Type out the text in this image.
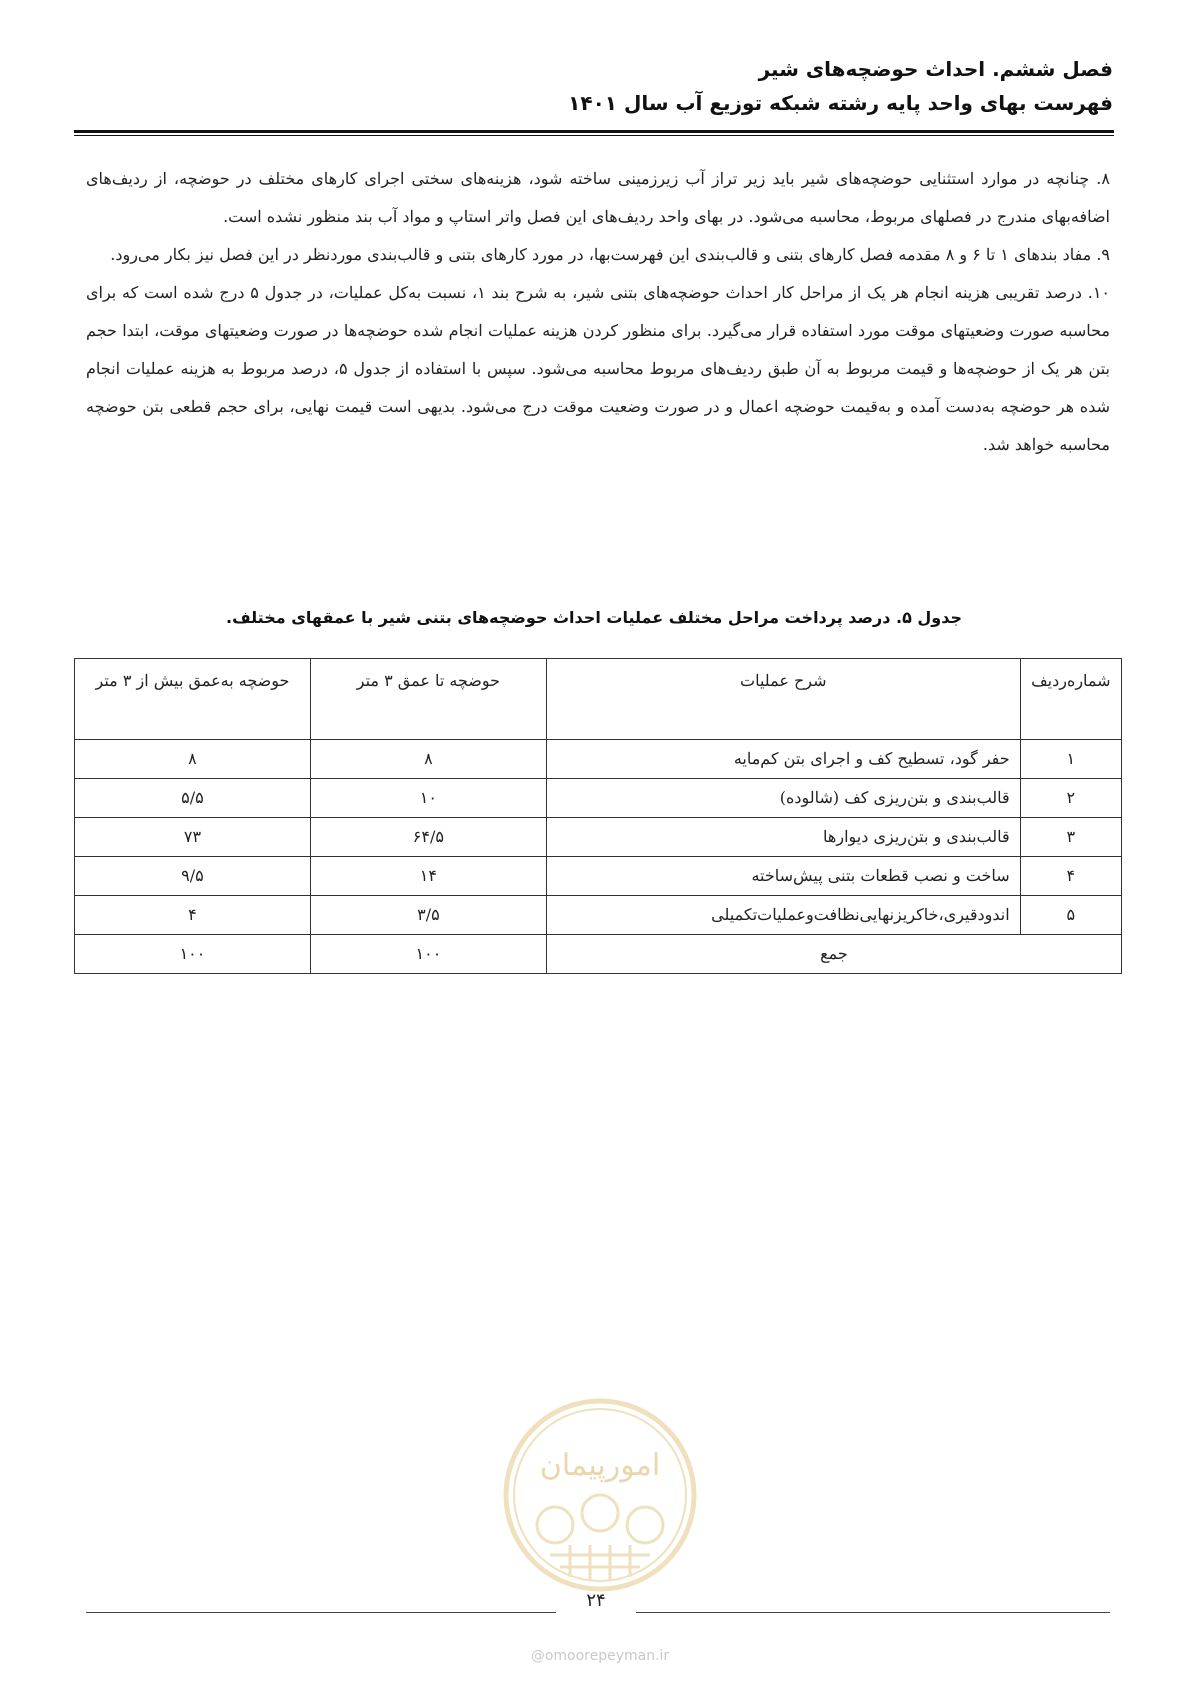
فصل ششم. احداث حوضچه‌های شیر
فهرست بهای واحد پایه رشته شبکه توزیع آب سال ۱۴۰۱

۸. چنانچه در موارد استثنایی حوضچه‌های شیر باید زیر تراز آب زیرزمینی ساخته شود، هزینه‌های سختی اجرای کارهای مختلف در حوضچه، از ردیف‌های اضافه‌بهای مندرج در فصلهای مربوط، محاسبه می‌شود. در بهای واحد ردیف‌های این فصل واتر استاپ و مواد آب بند منظور نشده است.

۹. مفاد بندهای ۱ تا ۶ و ۸ مقدمه فصل کارهای بتنی و قالب‌بندی این فهرست‌بها، در مورد کارهای بتنی و قالب‌بندی موردنظر در این فصل نیز بکار می‌رود.

۱۰. درصد تقریبی هزینه انجام هر یک از مراحل کار احداث حوضچه‌های بتنی شیر، به شرح بند ۱، نسبت به‌کل عملیات، در جدول ۵ درج شده است که برای محاسبه صورت وضعیتهای موقت مورد استفاده قرار می‌گیرد. برای منظور کردن هزینه عملیات انجام شده حوضچه‌ها در صورت وضعیتهای موقت، ابتدا حجم بتن هر یک از حوضچه‌ها و قیمت مربوط به آن طبق ردیف‌های مربوط محاسبه می‌شود. سپس با استفاده از جدول ۵، درصد مربوط به هزینه عملیات انجام شده هر حوضچه به‌دست آمده و به‌قیمت حوضچه اعمال و در صورت وضعیت موقت درج می‌شود. بدیهی است قیمت نهایی، برای حجم قطعی بتن حوضچه محاسبه خواهد شد.

جدول ۵. درصد پرداخت مراحل مختلف عملیات احداث حوضچه‌های بتنی شیر با عمقهای مختلف.
شماره‌ردیف	شرح عملیات	حوضچه تا عمق ۳ متر	حوضچه به‌عمق بیش از ۳ متر
۱	حفر گود، تسطیح کف و اجرای بتن کم‌مایه	۸	۸
۲	قالب‌بندی و بتن‌ریزی کف (شالوده)	۱۰	۵/۵
۳	قالب‌بندی و بتن‌ریزی دیوارها	۶۴/۵	۷۳
۴	ساخت و نصب قطعات بتنی پیش‌ساخته	۱۴	۹/۵
۵	اندودقیری،خاکریزنهایی‌نظافت‌وعملیات‌تکمیلی	۳/۵	۴
جمع		۱۰۰	۱۰۰
امورپیمان
۲۴
@omoorepeyman.ir
